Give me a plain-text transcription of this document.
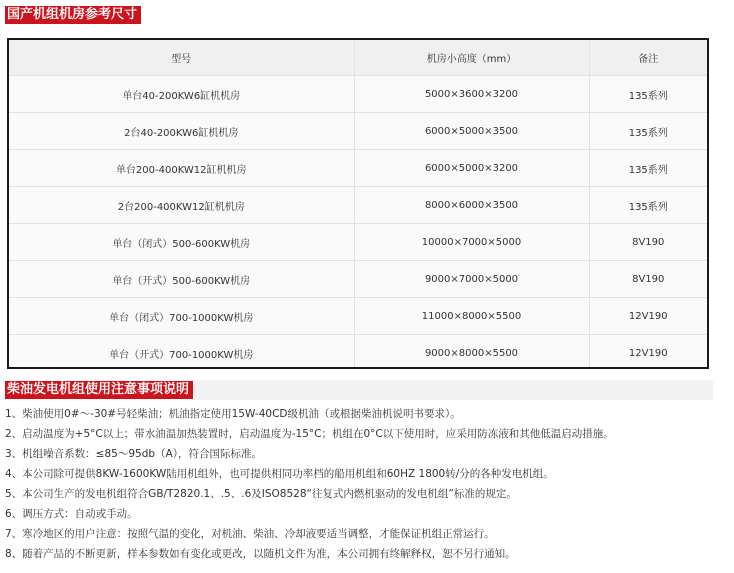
国产机组机房参考尺寸
型号	机房小高度（mm）	备注
单台40-200KW6缸机机房	5000×3600×3200	135系列
2台40-200KW6缸机机房	6000×5000×3500	135系列
单台200-400KW12缸机机房	6000×5000×3200	135系列
2台200-400KW12缸机机房	8000×6000×3500	135系列
单台（闭式）500-600KW机房	10000×7000×5000	8V190
单台（开式）500-600KW机房	9000×7000×5000	8V190
单台（闭式）700-1000KW机房	11000×8000×5500	12V190
单台（开式）700-1000KW机房	9000×8000×5500	12V190
柴油发电机组使用注意事项说明
1、柴油使用0#～-30#号轻柴油；机油指定使用15W-40CD级机油（或根据柴油机说明书要求）。
2、启动温度为+5°C以上；带水油温加热装置时，启动温度为-15°C；机组在0°C以下使用时，应采用防冻液和其他低温启动措施。
3、机组噪音系数：≤85～95db（A），符合国际标准。
4、本公司除可提供8KW-1600KW陆用机组外，也可提供相同功率档的船用机组和60HZ 1800转/分的各种发电机组。
5、本公司生产的发电机组符合GB/T2820.1、.5、.6及ISO8528“往复式内燃机驱动的发电机组”标准的规定。
6、调压方式：自动或手动。
7、寒冷地区的用户注意：按照气温的变化，对机油、柴油、冷却液要适当调整，才能保证机组正常运行。
8、随着产品的不断更新，样本参数如有变化或更改，以随机文件为准，本公司拥有终解释权，恕不另行通知。
